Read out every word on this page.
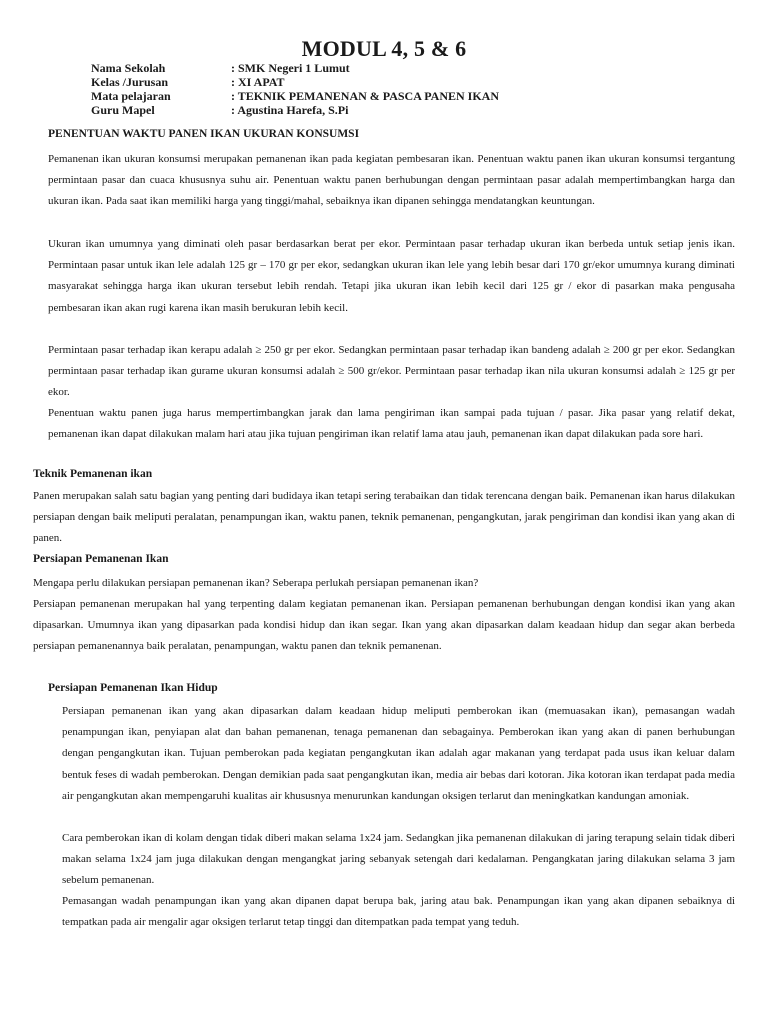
MODUL 4, 5 & 6
Nama Sekolah	: SMK Negeri 1 Lumut
Kelas /Jurusan	: XI APAT
Mata pelajaran	: TEKNIK PEMANENAN & PASCA PANEN IKAN
Guru Mapel	: Agustina Harefa, S.Pi
PENENTUAN WAKTU PANEN IKAN UKURAN KONSUMSI
Pemanenan ikan ukuran konsumsi merupakan pemanenan ikan pada kegiatan pembesaran ikan. Penentuan waktu panen ikan ukuran konsumsi tergantung permintaan pasar dan cuaca khususnya suhu air. Penentuan waktu panen berhubungan dengan permintaan pasar adalah mempertimbangkan harga dan ukuran ikan. Pada saat ikan memiliki harga yang tinggi/mahal, sebaiknya ikan dipanen sehingga mendatangkan keuntungan.
Ukuran ikan umumnya yang diminati oleh pasar berdasarkan berat per ekor. Permintaan pasar terhadap ukuran ikan berbeda untuk setiap jenis ikan. Permintaan pasar untuk ikan lele adalah 125 gr – 170 gr per ekor, sedangkan ukuran ikan lele yang lebih besar dari 170 gr/ekor umumnya kurang diminati masyarakat sehingga harga ikan ukuran tersebut lebih rendah. Tetapi jika ukuran ikan lebih kecil dari 125 gr / ekor di pasarkan maka pengusaha pembesaran ikan akan rugi karena ikan masih berukuran lebih kecil.
Permintaan pasar terhadap ikan kerapu adalah ≥ 250 gr per ekor. Sedangkan permintaan pasar terhadap ikan bandeng adalah ≥ 200 gr per ekor. Sedangkan permintaan pasar terhadap ikan gurame ukuran konsumsi adalah ≥ 500 gr/ekor. Permintaan pasar terhadap ikan nila ukuran konsumsi adalah ≥ 125 gr per ekor.
Penentuan waktu panen juga harus mempertimbangkan jarak dan lama pengiriman ikan sampai pada tujuan / pasar. Jika pasar yang relatif dekat, pemanenan ikan dapat dilakukan malam hari atau jika tujuan pengiriman ikan relatif lama atau jauh, pemanenan ikan dapat dilakukan pada sore hari.
Teknik Pemanenan ikan
Panen merupakan salah satu bagian yang penting dari budidaya ikan tetapi sering terabaikan dan tidak terencana dengan baik. Pemanenan ikan harus dilakukan persiapan dengan baik meliputi peralatan, penampungan ikan, waktu panen, teknik pemanenan, pengangkutan, jarak pengiriman dan kondisi ikan yang akan di panen.
Persiapan Pemanenan Ikan
Mengapa perlu dilakukan persiapan pemanenan ikan? Seberapa perlukah persiapan pemanenan ikan?
Persiapan pemanenan merupakan hal yang terpenting dalam kegiatan pemanenan ikan. Persiapan pemanenan berhubungan dengan kondisi ikan yang akan dipasarkan. Umumnya ikan yang dipasarkan pada kondisi hidup dan ikan segar. Ikan yang akan dipasarkan dalam keadaan hidup dan segar akan berbeda persiapan pemanenannya baik peralatan, penampungan, waktu panen dan teknik pemanenan.
Persiapan Pemanenan Ikan Hidup
Persiapan pemanenan ikan yang akan dipasarkan dalam keadaan hidup meliputi pemberokan ikan (memuasakan ikan), pemasangan wadah penampungan ikan, penyiapan alat dan bahan pemanenan, tenaga pemanenan dan sebagainya. Pemberokan ikan yang akan di panen berhubungan dengan pengangkutan ikan. Tujuan pemberokan pada kegiatan pengangkutan ikan adalah agar makanan yang terdapat pada usus ikan keluar dalam bentuk feses di wadah pemberokan. Dengan demikian pada saat pengangkutan ikan, media air bebas dari kotoran. Jika kotoran ikan terdapat pada media air pengangkutan akan mempengaruhi kualitas air khususnya menurunkan kandungan oksigen terlarut dan meningkatkan kandungan amoniak.
Cara pemberokan ikan di kolam dengan tidak diberi makan selama 1x24 jam. Sedangkan jika pemanenan dilakukan di jaring terapung selain tidak diberi makan selama 1x24 jam juga dilakukan dengan mengangkat jaring sebanyak setengah dari kedalaman. Pengangkatan jaring dilakukan selama 3 jam sebelum pemanenan.
Pemasangan wadah penampungan ikan yang akan dipanen dapat berupa bak, jaring atau bak. Penampungan ikan yang akan dipanen sebaiknya di tempatkan pada air mengalir agar oksigen terlarut tetap tinggi dan ditempatkan pada tempat yang teduh.
